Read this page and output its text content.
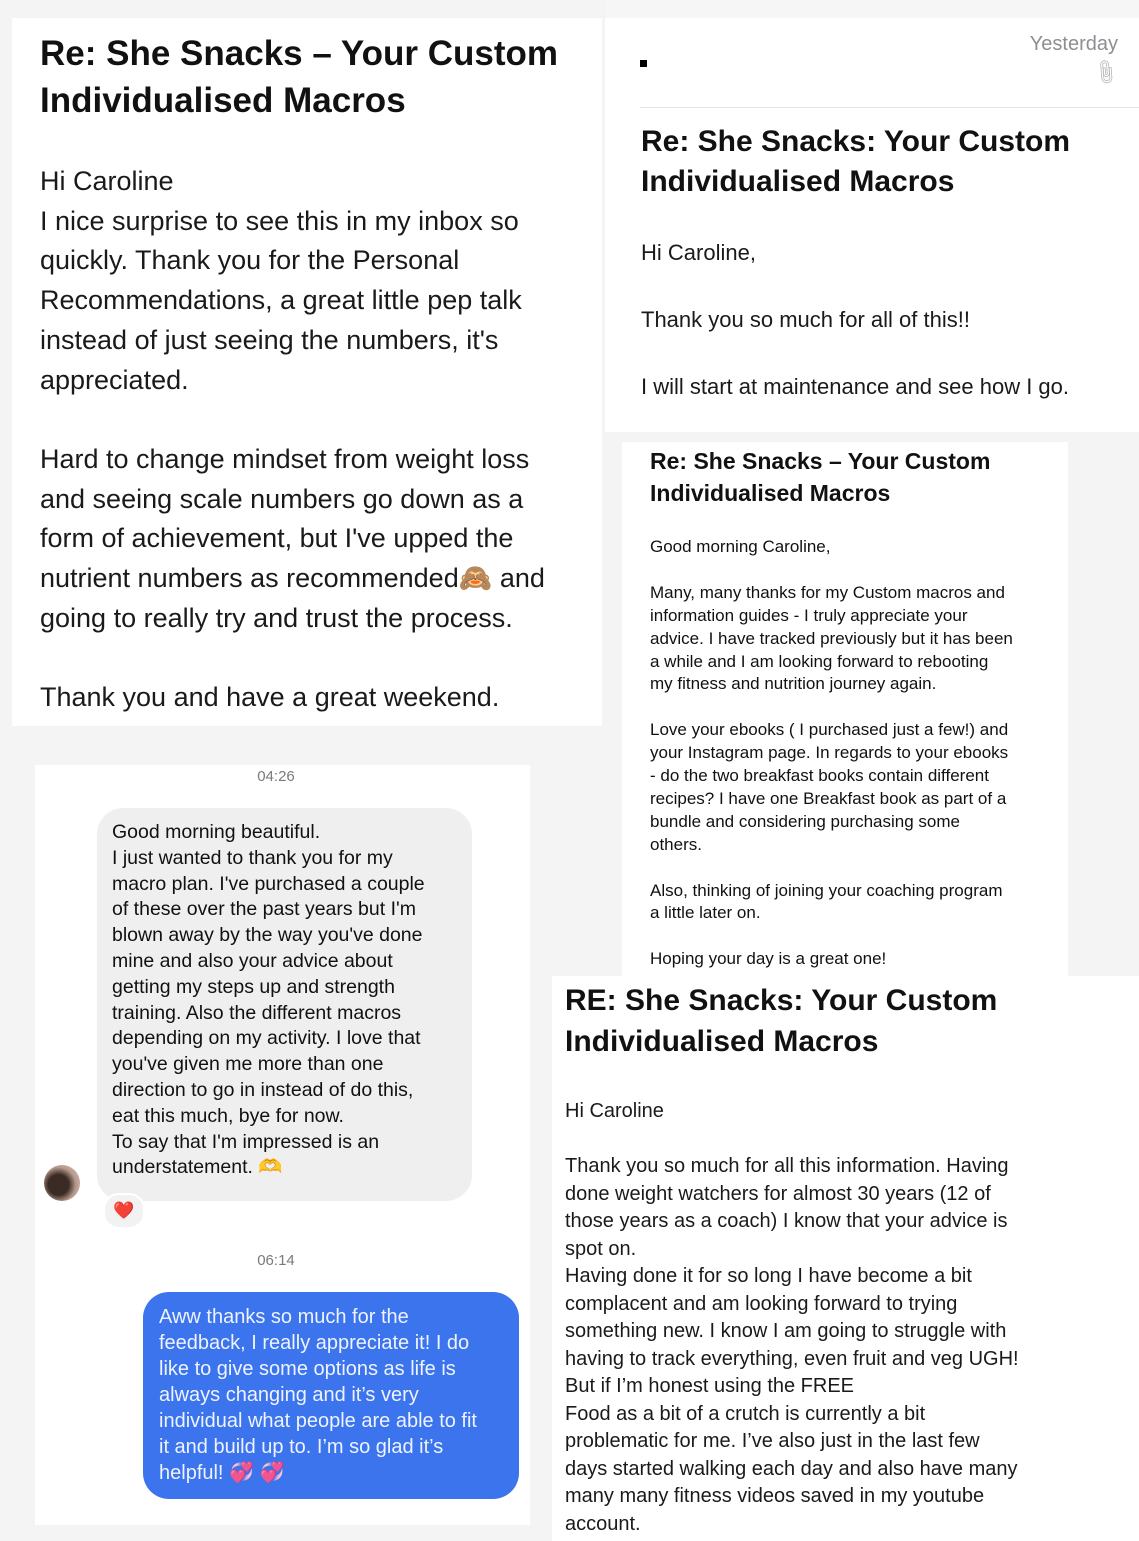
Re: She Snacks – Your Custom
Individualised Macros
Hi Caroline
I nice surprise to see this in my inbox so
quickly. Thank you for the Personal
Recommendations, a great little pep talk
instead of just seeing the numbers, it's
appreciated.
Hard to change mindset from weight loss
and seeing scale numbers go down as a
form of achievement, but I've upped the
nutrient numbers as recommended🙈 and
going to really try and trust the process.
Thank you and have a great weekend.
Yesterday
📎︎
Re: She Snacks: Your Custom
Individualised Macros
Hi Caroline,
Thank you so much for all of this!!
I will start at maintenance and see how I go.
Re: She Snacks – Your Custom
Individualised Macros
Good morning Caroline,
Many, many thanks for my Custom macros and
information guides - I truly appreciate your
advice. I have tracked previously but it has been
a while and I am looking forward to rebooting
my fitness and nutrition journey again.
Love your ebooks ( I purchased just a few!) and
your Instagram page. In regards to your ebooks
- do the two breakfast books contain different
recipes? I have one Breakfast book as part of a
bundle and considering purchasing some
others.
Also, thinking of joining your coaching program
a little later on.
Hoping your day is a great one!
RE: She Snacks: Your Custom
Individualised Macros
Hi Caroline
Thank you so much for all this information. Having
done weight watchers for almost 30 years (12 of
those years as a coach) I know that your advice is
spot on.
Having done it for so long I have become a bit
complacent and am looking forward to trying
something new. I know I am going to struggle with
having to track everything, even fruit and veg UGH!
But if I’m honest using the FREE
Food as a bit of a crutch is currently a bit
problematic for me. I’ve also just in the last few
days started walking each day and also have many
many many fitness videos saved in my youtube
account.
04:26
Good morning beautiful.
I just wanted to thank you for my
macro plan. I've purchased a couple
of these over the past years but I'm
blown away by the way you've done
mine and also your advice about
getting my steps up and strength
training. Also the different macros
depending on my activity. I love that
you've given me more than one
direction to go in instead of do this,
eat this much, bye for now.
To say that I'm impressed is an
understatement. 🫶
❤️
06:14
Aww thanks so much for the
feedback, I really appreciate it! I do
like to give some options as life is
always changing and it’s very
individual what people are able to fit
it and build up to. I’m so glad it’s
helpful! 💞 💞
